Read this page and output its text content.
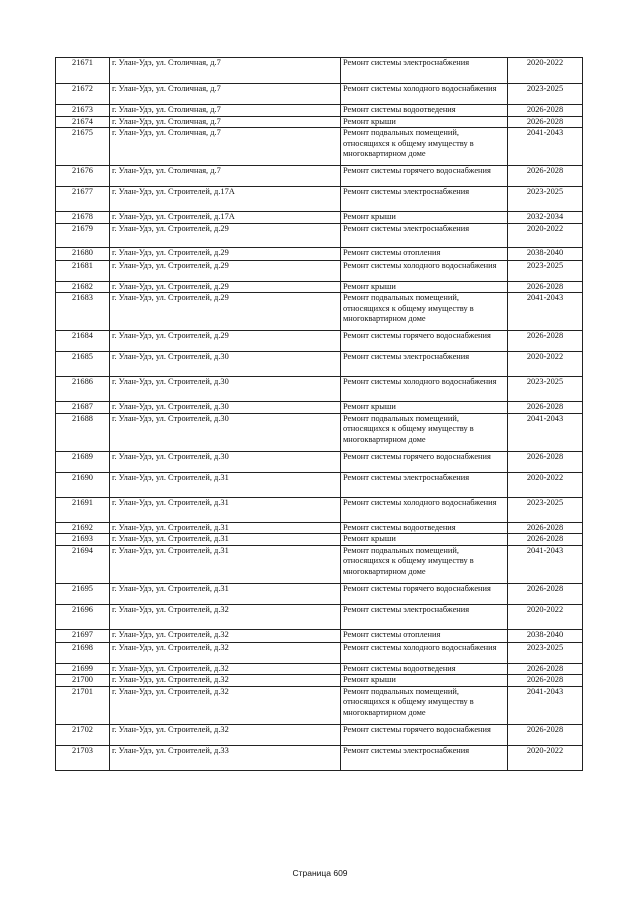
21671	г. Улан-Удэ, ул. Столичная, д.7	Ремонт системы электроснабжения	2020-2022
21672	г. Улан-Удэ, ул. Столичная, д.7	Ремонт системы холодного водоснабжения	2023-2025
21673	г. Улан-Удэ, ул. Столичная, д.7	Ремонт системы водоотведения	2026-2028
21674	г. Улан-Удэ, ул. Столичная, д.7	Ремонт крыши	2026-2028
21675	г. Улан-Удэ, ул. Столичная, д.7	Ремонт подвальных помещений, относящихся к общему имуществу в многоквартирном доме	2041-2043
21676	г. Улан-Удэ, ул. Столичная, д.7	Ремонт системы горячего водоснабжения	2026-2028
21677	г. Улан-Удэ, ул. Строителей, д.17А	Ремонт системы электроснабжения	2023-2025
21678	г. Улан-Удэ, ул. Строителей, д.17А	Ремонт крыши	2032-2034
21679	г. Улан-Удэ, ул. Строителей, д.29	Ремонт системы электроснабжения	2020-2022
21680	г. Улан-Удэ, ул. Строителей, д.29	Ремонт системы отопления	2038-2040
21681	г. Улан-Удэ, ул. Строителей, д.29	Ремонт системы холодного водоснабжения	2023-2025
21682	г. Улан-Удэ, ул. Строителей, д.29	Ремонт крыши	2026-2028
21683	г. Улан-Удэ, ул. Строителей, д.29	Ремонт подвальных помещений, относящихся к общему имуществу в многоквартирном доме	2041-2043
21684	г. Улан-Удэ, ул. Строителей, д.29	Ремонт системы горячего водоснабжения	2026-2028
21685	г. Улан-Удэ, ул. Строителей, д.30	Ремонт системы электроснабжения	2020-2022
21686	г. Улан-Удэ, ул. Строителей, д.30	Ремонт системы холодного водоснабжения	2023-2025
21687	г. Улан-Удэ, ул. Строителей, д.30	Ремонт крыши	2026-2028
21688	г. Улан-Удэ, ул. Строителей, д.30	Ремонт подвальных помещений, относящихся к общему имуществу в многоквартирном доме	2041-2043
21689	г. Улан-Удэ, ул. Строителей, д.30	Ремонт системы горячего водоснабжения	2026-2028
21690	г. Улан-Удэ, ул. Строителей, д.31	Ремонт системы электроснабжения	2020-2022
21691	г. Улан-Удэ, ул. Строителей, д.31	Ремонт системы холодного водоснабжения	2023-2025
21692	г. Улан-Удэ, ул. Строителей, д.31	Ремонт системы водоотведения	2026-2028
21693	г. Улан-Удэ, ул. Строителей, д.31	Ремонт крыши	2026-2028
21694	г. Улан-Удэ, ул. Строителей, д.31	Ремонт подвальных помещений, относящихся к общему имуществу в многоквартирном доме	2041-2043
21695	г. Улан-Удэ, ул. Строителей, д.31	Ремонт системы горячего водоснабжения	2026-2028
21696	г. Улан-Удэ, ул. Строителей, д.32	Ремонт системы электроснабжения	2020-2022
21697	г. Улан-Удэ, ул. Строителей, д.32	Ремонт системы отопления	2038-2040
21698	г. Улан-Удэ, ул. Строителей, д.32	Ремонт системы холодного водоснабжения	2023-2025
21699	г. Улан-Удэ, ул. Строителей, д.32	Ремонт системы водоотведения	2026-2028
21700	г. Улан-Удэ, ул. Строителей, д.32	Ремонт крыши	2026-2028
21701	г. Улан-Удэ, ул. Строителей, д.32	Ремонт подвальных помещений, относящихся к общему имуществу в многоквартирном доме	2041-2043
21702	г. Улан-Удэ, ул. Строителей, д.32	Ремонт системы горячего водоснабжения	2026-2028
21703	г. Улан-Удэ, ул. Строителей, д.33	Ремонт системы электроснабжения	2020-2022
Страница 609
